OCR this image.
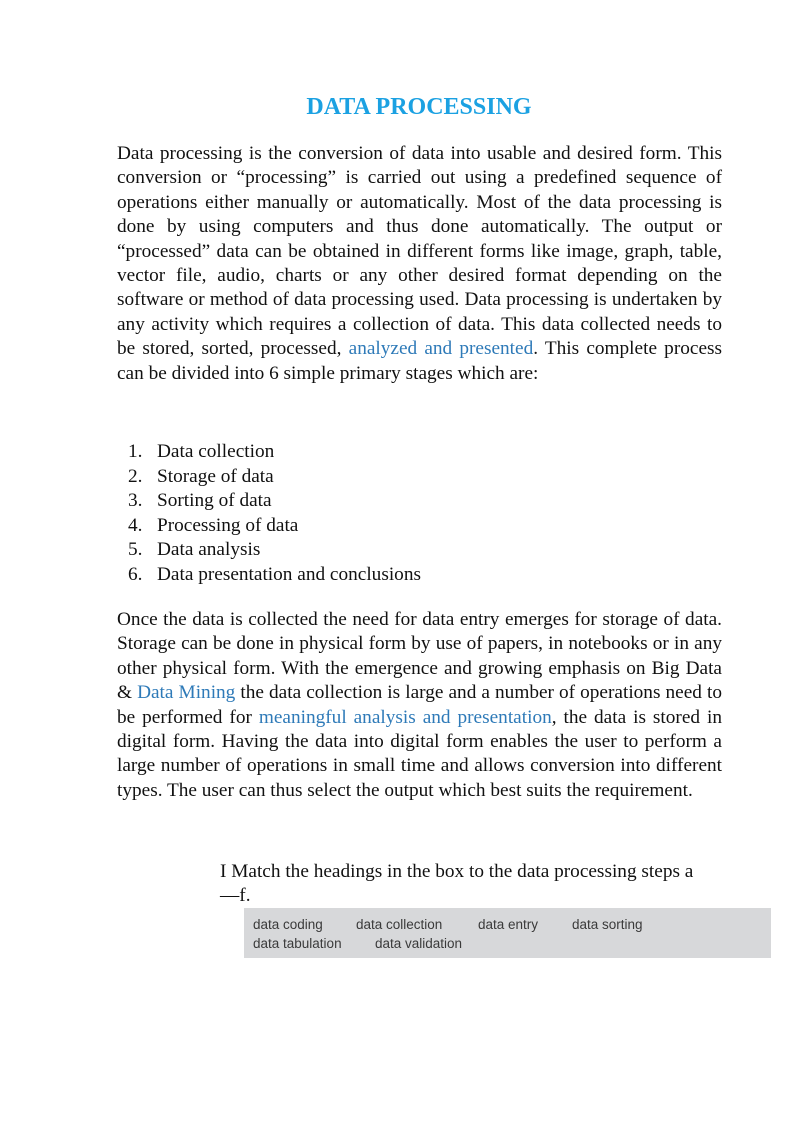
DATA PROCESSING

Data processing is the conversion of data into usable and desired form. This conversion or “processing” is carried out using a predefined sequence of operations either manually or automatically. Most of the data processing is done by using computers and thus done automatically. The output or “processed” data can be obtained in different forms like image, graph, table, vector file, audio, charts or any other desired format depending on the software or method of data processing used. Data processing is undertaken by any activity which requires a collection of data. This data collected needs to be stored, sorted, processed, analyzed and presented. This complete process can be divided into 6 simple primary stages which are:

1. Data collection
2. Storage of data
3. Sorting of data
4. Processing of data
5. Data analysis
6. Data presentation and conclusions

Once the data is collected the need for data entry emerges for storage of data. Storage can be done in physical form by use of papers, in notebooks or in any other physical form. With the emergence and growing emphasis on Big Data & Data Mining the data collection is large and a number of operations need to be performed for meaningful analysis and presentation, the data is stored in digital form. Having the data into digital form enables the user to perform a large number of operations in small time and allows conversion into different types. The user can thus select the output which best suits the requirement.

I Match the headings in the box to the data processing steps a—f.

data coding data collection	data entry	data sorting
data tabulation data validation
